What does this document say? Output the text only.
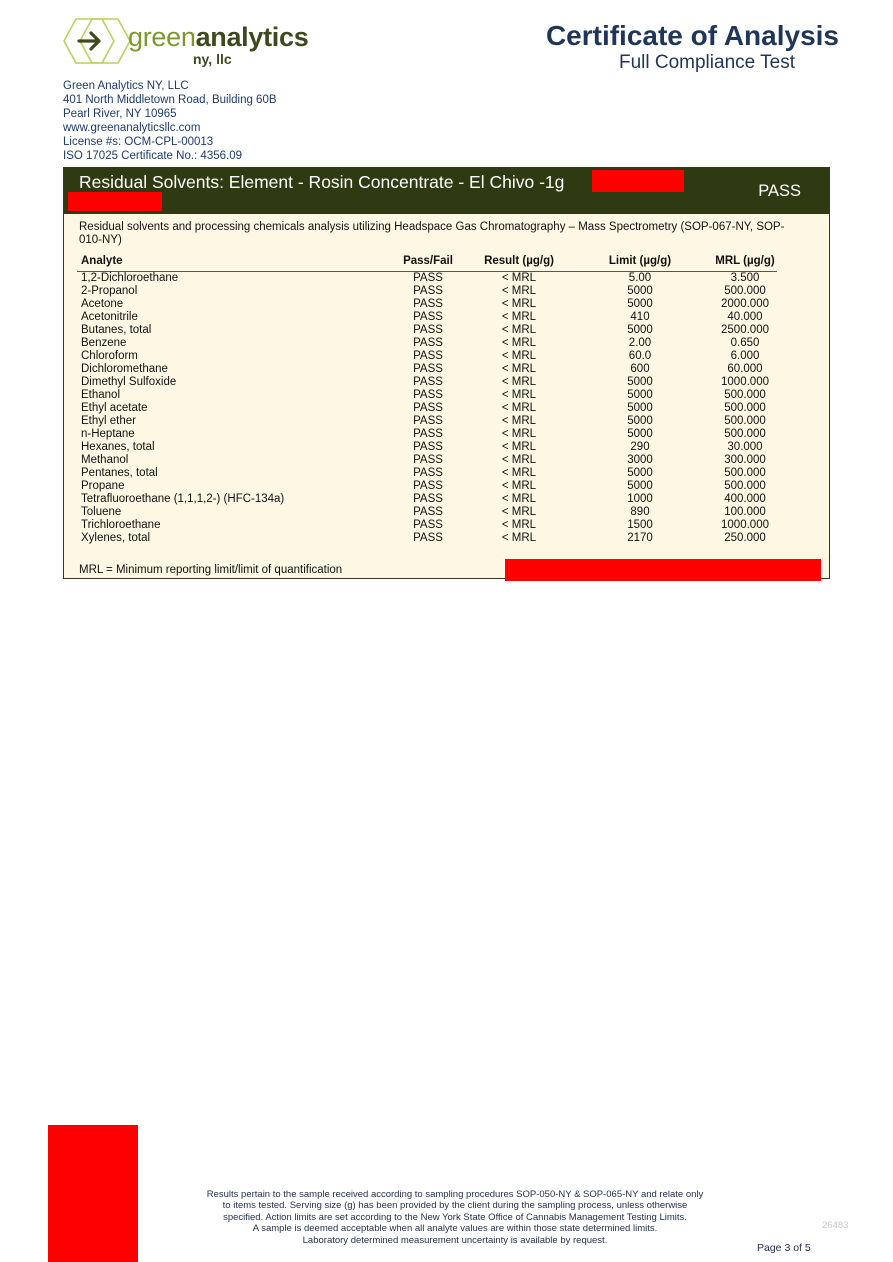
greenanalytics
ny, llc
Green Analytics NY, LLC
401 North Middletown Road, Building 60B
Pearl River, NY 10965
www.greenanalyticsllc.com
License #s: OCM-CPL-00013
ISO 17025 Certificate No.: 4356.09
Certificate of Analysis
Full Compliance Test
Residual Solvents: Element - Rosin Concentrate - El Chivo -1g	PASS
Residual solvents and processing chemicals analysis utilizing Headspace Gas Chromatography – Mass Spectrometry (SOP-067-NY, SOP-010-NY)
Analyte	Pass/Fail	Result (µg/g)	Limit (µg/g)	MRL (µg/g)
1,2-Dichloroethane	PASS	< MRL	5.00	3.500
2-Propanol	PASS	< MRL	5000	500.000
Acetone	PASS	< MRL	5000	2000.000
Acetonitrile	PASS	< MRL	410	40.000
Butanes, total	PASS	< MRL	5000	2500.000
Benzene	PASS	< MRL	2.00	0.650
Chloroform	PASS	< MRL	60.0	6.000
Dichloromethane	PASS	< MRL	600	60.000
Dimethyl Sulfoxide	PASS	< MRL	5000	1000.000
Ethanol	PASS	< MRL	5000	500.000
Ethyl acetate	PASS	< MRL	5000	500.000
Ethyl ether	PASS	< MRL	5000	500.000
n-Heptane	PASS	< MRL	5000	500.000
Hexanes, total	PASS	< MRL	290	30.000
Methanol	PASS	< MRL	3000	300.000
Pentanes, total	PASS	< MRL	5000	500.000
Propane	PASS	< MRL	5000	500.000
Tetrafluoroethane (1,1,1,2-) (HFC-134a)	PASS	< MRL	1000	400.000
Toluene	PASS	< MRL	890	100.000
Trichloroethane	PASS	< MRL	1500	1000.000
Xylenes, total	PASS	< MRL	2170	250.000
MRL = Minimum reporting limit/limit of quantification
Results pertain to the sample received according to sampling procedures SOP-050-NY & SOP-065-NY and relate only
to items tested. Serving size (g) has been provided by the client during the sampling process, unless otherwise
specified. Action limits are set according to the New York State Office of Cannabis Management Testing Limits.
A sample is deemed acceptable when all analyte values are within those state determined limits.
Laboratory determined measurement uncertainty is available by request.
26483
Page 3 of 5
